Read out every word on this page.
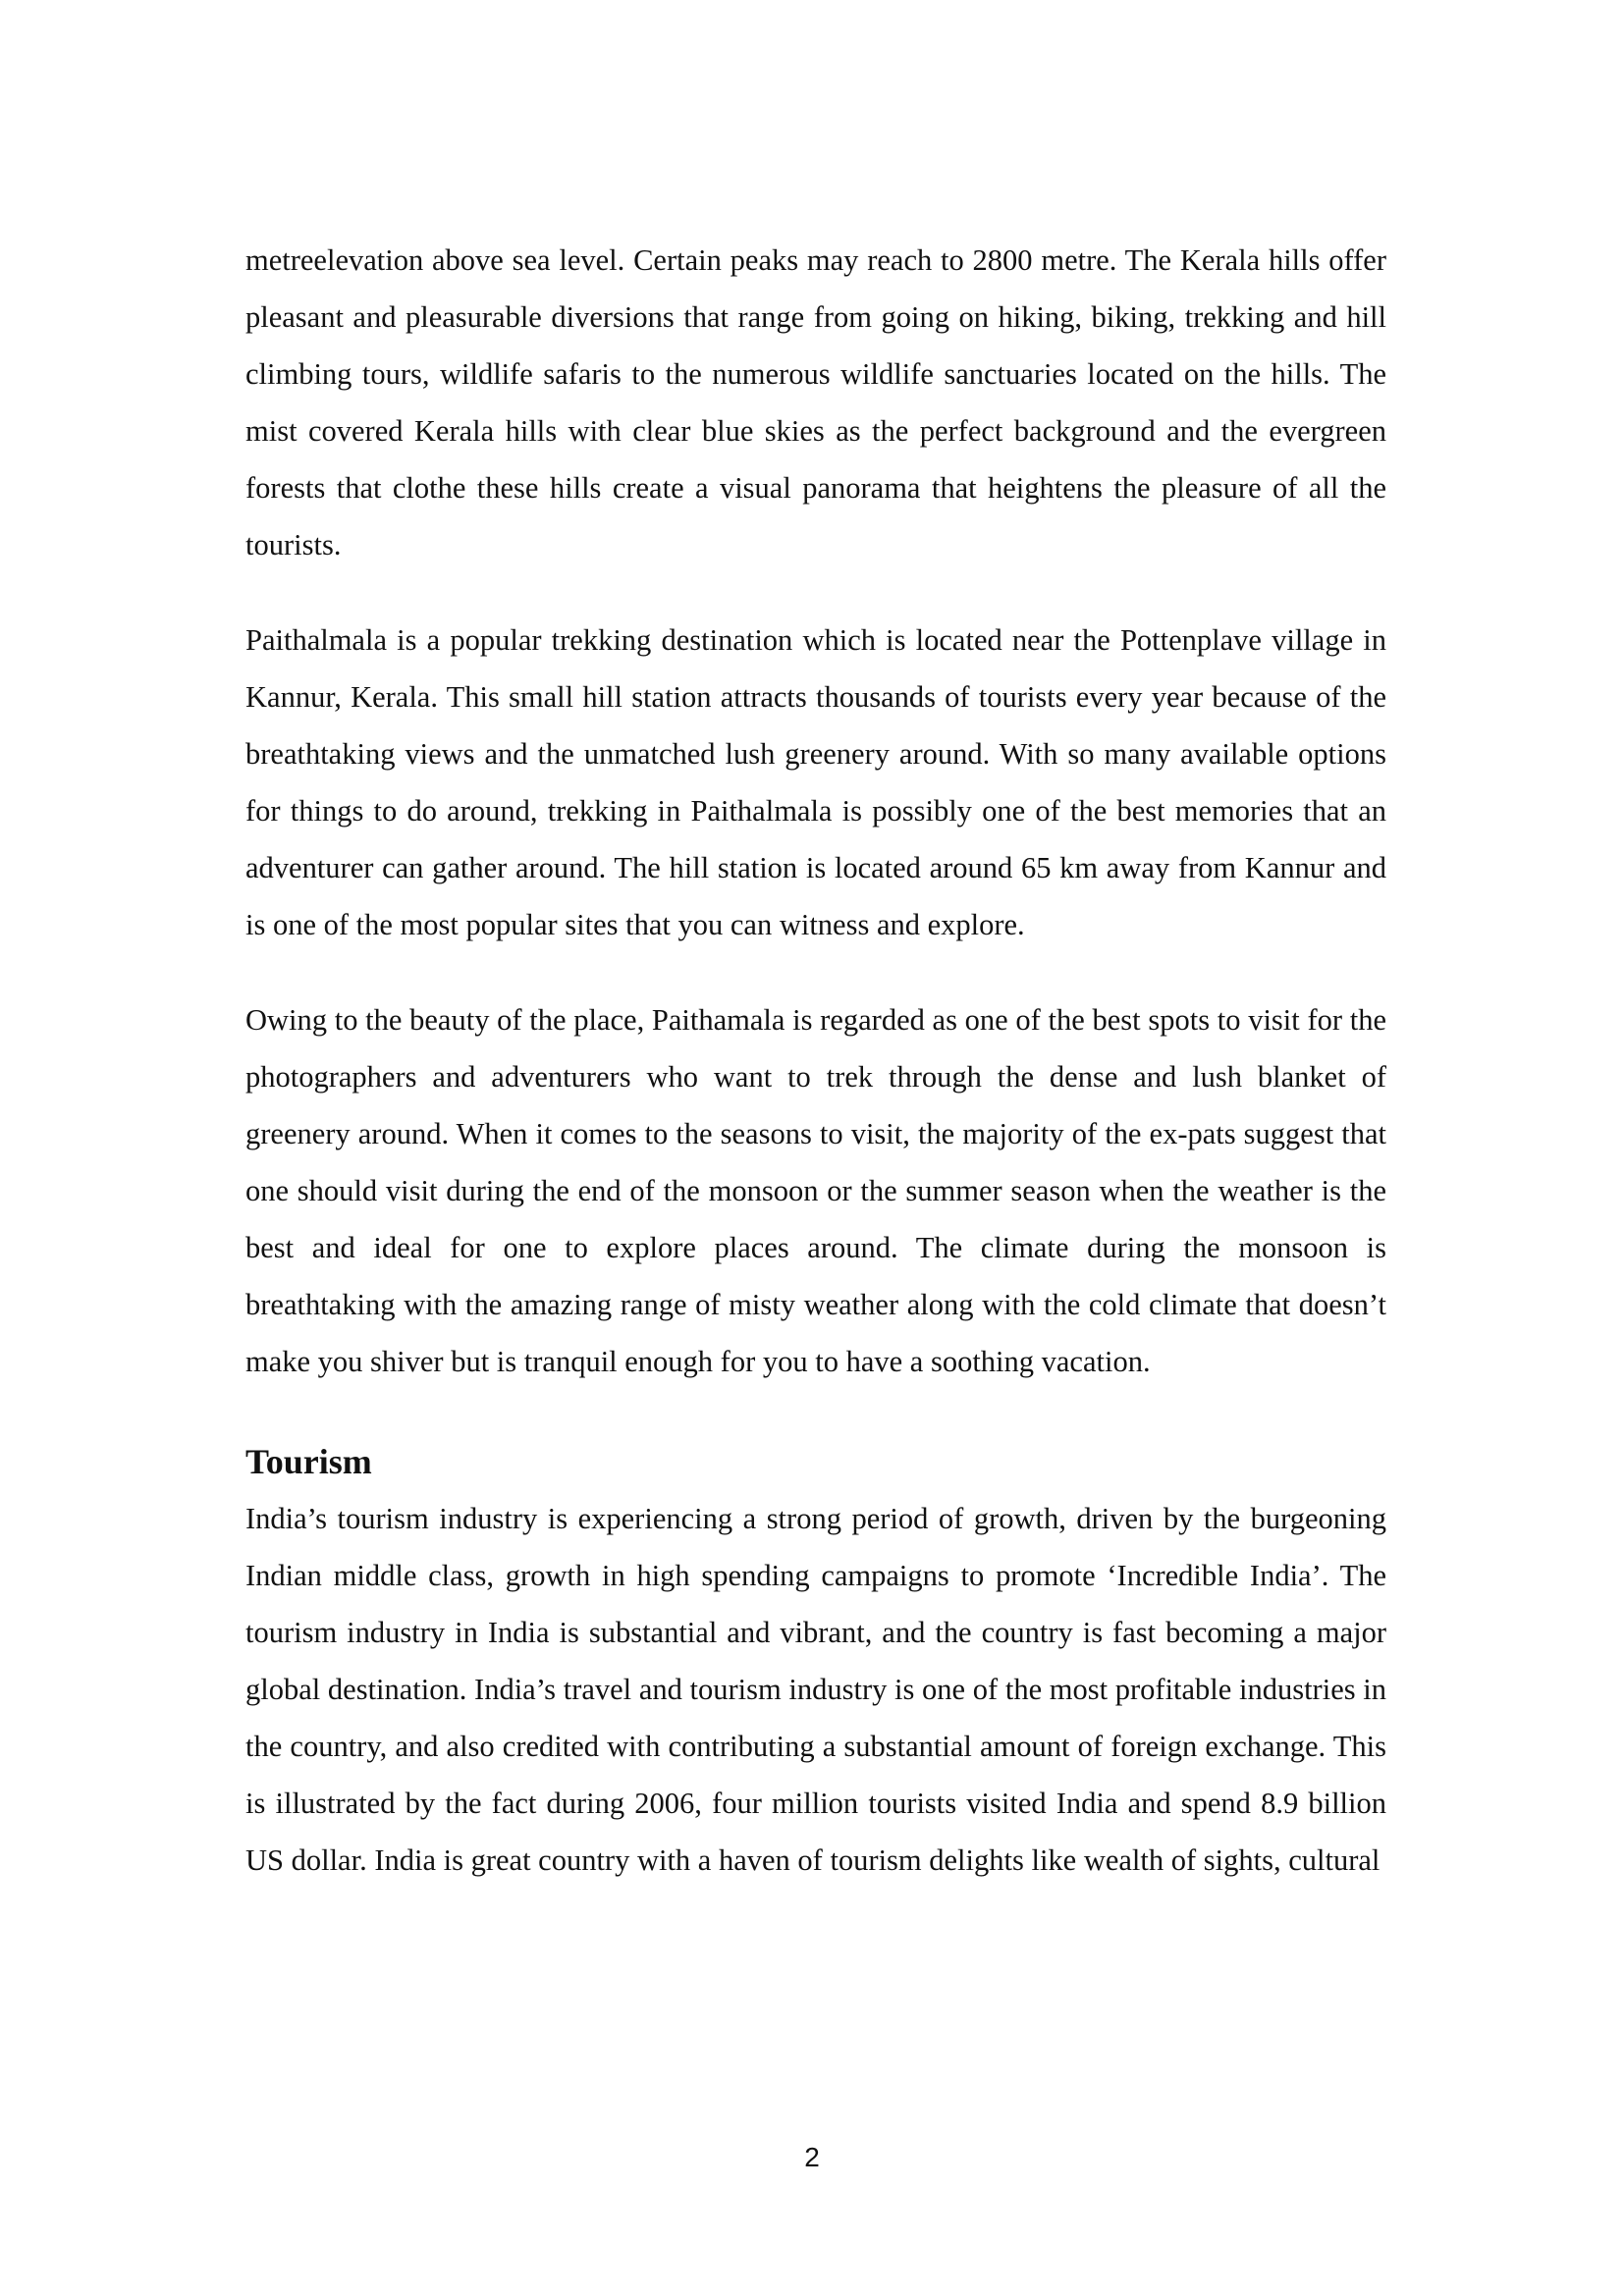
metreelevation above sea level. Certain peaks may reach to 2800 metre. The Kerala hills offer pleasant and pleasurable diversions that range from going on hiking, biking, trekking and hill climbing tours, wildlife safaris to the numerous wildlife sanctuaries located on the hills. The mist covered Kerala hills with clear blue skies as the perfect background and the evergreen forests that clothe these hills create a visual panorama that heightens the pleasure of all the tourists.

Paithalmala is a popular trekking destination which is located near the Pottenplave village in Kannur, Kerala. This small hill station attracts thousands of tourists every year because of the breathtaking views and the unmatched lush greenery around. With so many available options for things to do around, trekking in Paithalmala is possibly one of the best memories that an adventurer can gather around. The hill station is located around 65 km away from Kannur and is one of the most popular sites that you can witness and explore.

Owing to the beauty of the place, Paithamala is regarded as one of the best spots to visit for the photographers and adventurers who want to trek through the dense and lush blanket of greenery around. When it comes to the seasons to visit, the majority of the ex-pats suggest that one should visit during the end of the monsoon or the summer season when the weather is the best and ideal for one to explore places around. The climate during the monsoon is breathtaking with the amazing range of misty weather along with the cold climate that doesn’t make you shiver but is tranquil enough for you to have a soothing vacation.

Tourism

India’s tourism industry is experiencing a strong period of growth, driven by the burgeoning Indian middle class, growth in high spending campaigns to promote ‘Incredible India’. The tourism industry in India is substantial and vibrant, and the country is fast becoming a major global destination. India’s travel and tourism industry is one of the most profitable industries in the country, and also credited with contributing a substantial amount of foreign exchange. This is illustrated by the fact during 2006, four million tourists visited India and spend 8.9 billion US dollar. India is great country with a haven of tourism delights like wealth of sights, cultural

2
